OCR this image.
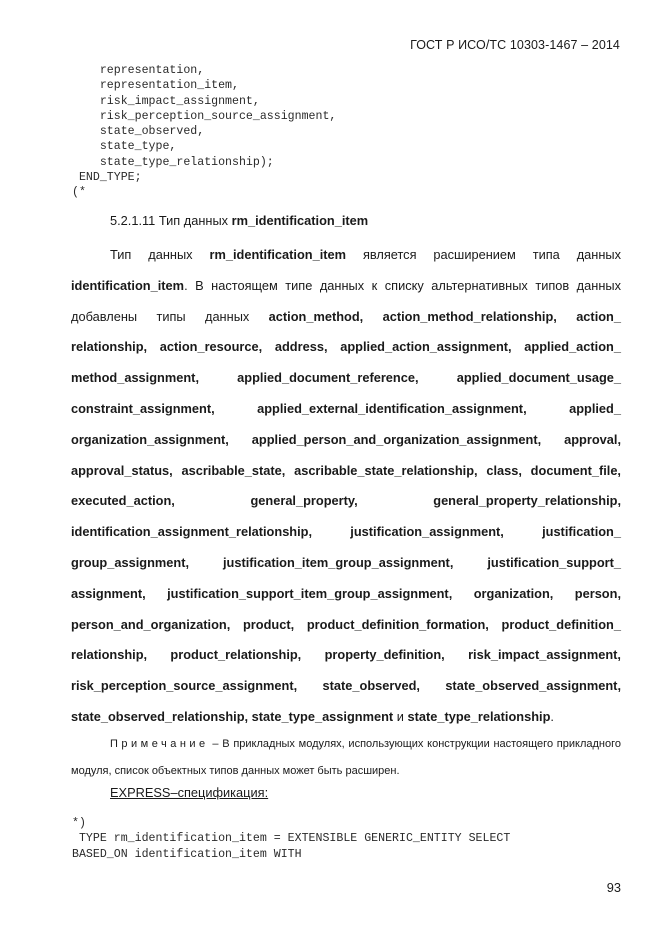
ГОСТ Р ИСО/ТС 10303-1467 – 2014
representation,
representation_item,
risk_impact_assignment,
risk_perception_source_assignment,
state_observed,
state_type,
state_type_relationship);
END_TYPE;
(*
5.2.1.11 Тип данных rm_identification_item

Тип данных rm_identification_item является расширением типа данных identification_item. В настоящем типе данных к списку альтернативных типов данных добавлены типы данных action_method, action_method_relationship, action_ relationship, action_resource, address, applied_action_assignment, applied_action_ method_assignment, applied_document_reference, applied_document_usage_ constraint_assignment, applied_external_identification_assignment, applied_ organization_assignment, applied_person_and_organization_assignment, approval, approval_status, ascribable_state, ascribable_state_relationship, class, document_file, executed_action, general_property, general_property_relationship, identification_assignment_relationship, justification_assignment, justification_ group_assignment, justification_item_group_assignment, justification_support_ assignment, justification_support_item_group_assignment, organization, person, person_and_organization, product, product_definition_formation, product_definition_ relationship, product_relationship, property_definition, risk_impact_assignment, risk_perception_source_assignment, state_observed, state_observed_assignment, state_observed_relationship, state_type_assignment и state_type_relationship.

Примечание – В прикладных модулях, использующих конструкции настоящего прикладного модуля, список объектных типов данных может быть расширен.

EXPRESS–спецификация:
*)
TYPE rm_identification_item = EXTENSIBLE GENERIC_ENTITY SELECT
BASED_ON identification_item WITH
93
